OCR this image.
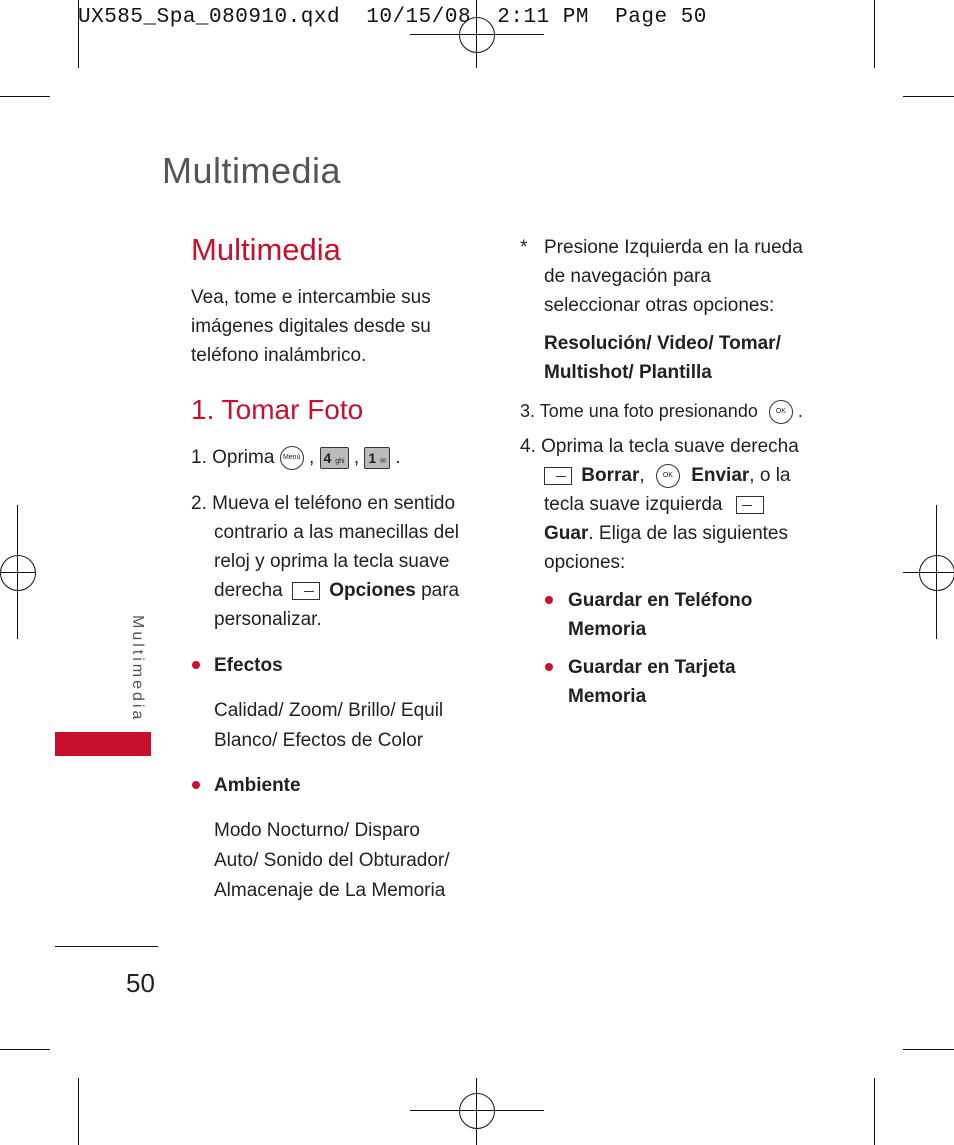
UX585_Spa_080910.qxd  10/15/08  2:11 PM  Page 50
Multimedia
Multimedia
Vea, tome e intercambie sus
imágenes digitales desde su
teléfono inalámbrico.
1. Tomar Foto
1. Oprima Menú , 4 ghi , 1 ✉ .
2. Mueva el teléfono en sentido
contrario a las manecillas del
reloj y oprima la tecla suave
derecha Opciones para
personalizar.
Efectos
Calidad/ Zoom/ Brillo/ Equil
Blanco/ Efectos de Color
Ambiente
Modo Nocturno/ Disparo
Auto/ Sonido del Obturador/
Almacenaje de La Memoria
* Presione Izquierda en la rueda
de navegación para
seleccionar otras opciones:
Resolución/ Video/ Tomar/
Multishot/ Plantilla
3. Tome una foto presionando	OK .
4. Oprima la tecla suave derecha
Borrar,	OK Enviar, o la
tecla suave izquierda
Guar. Eliga de las siguientes
opciones:
Guardar en Teléfono
Memoria
Guardar en Tarjeta
Memoria
Multimedia
50
